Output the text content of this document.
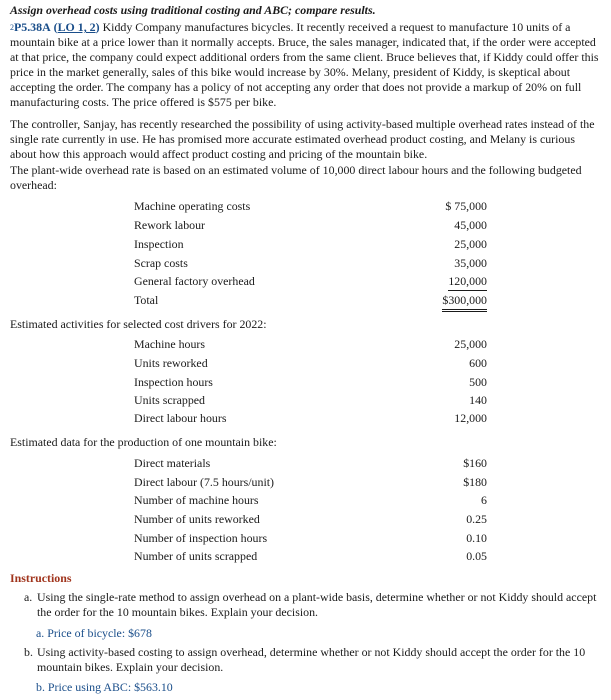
Assign overhead costs using traditional costing and ABC; compare results.
$^2$P5.38A (LO 1, 2) Kiddy Company manufactures bicycles. It recently received a request to manufacture 10 units of a mountain bike at a price lower than it normally accepts. Bruce, the sales manager, indicated that, if the order were accepted at that price, the company could expect additional orders from the same client. Bruce believes that, if Kiddy could offer this price in the market generally, sales of this bike would increase by 30%. Melany, president of Kiddy, is skeptical about accepting the order. The company has a policy of not accepting any order that does not provide a markup of 20% on full manufacturing costs. The price offered is $575 per bike.
The controller, Sanjay, has recently researched the possibility of using activity-based multiple overhead rates instead of the single rate currently in use. He has promised more accurate estimated overhead product costing, and Melany is curious about how this approach would affect product costing and pricing of the mountain bike.
The plant-wide overhead rate is based on an estimated volume of 10,000 direct labour hours and the following budgeted overhead:
Machine operating costs	$ 75,000
Rework labour	45,000
Inspection	25,000
Scrap costs	35,000
General factory overhead	120,000
Total	$300,000
Estimated activities for selected cost drivers for 2022:
Machine hours	25,000
Units reworked	600
Inspection hours	500
Units scrapped	140
Direct labour hours	12,000
Estimated data for the production of one mountain bike:
Direct materials	$160
Direct labour (7.5 hours/unit)	$180
Number of machine hours	6
Number of units reworked	0.25
Number of inspection hours	0.10
Number of units scrapped	0.05
Instructions
a. Using the single-rate method to assign overhead on a plant-wide basis, determine whether or not Kiddy should accept the order for the 10 mountain bikes. Explain your decision.
a. Price of bicycle: $678
b. Using activity-based costing to assign overhead, determine whether or not Kiddy should accept the order for the 10 mountain bikes. Explain your decision.
b. Price using ABC: $563.10
